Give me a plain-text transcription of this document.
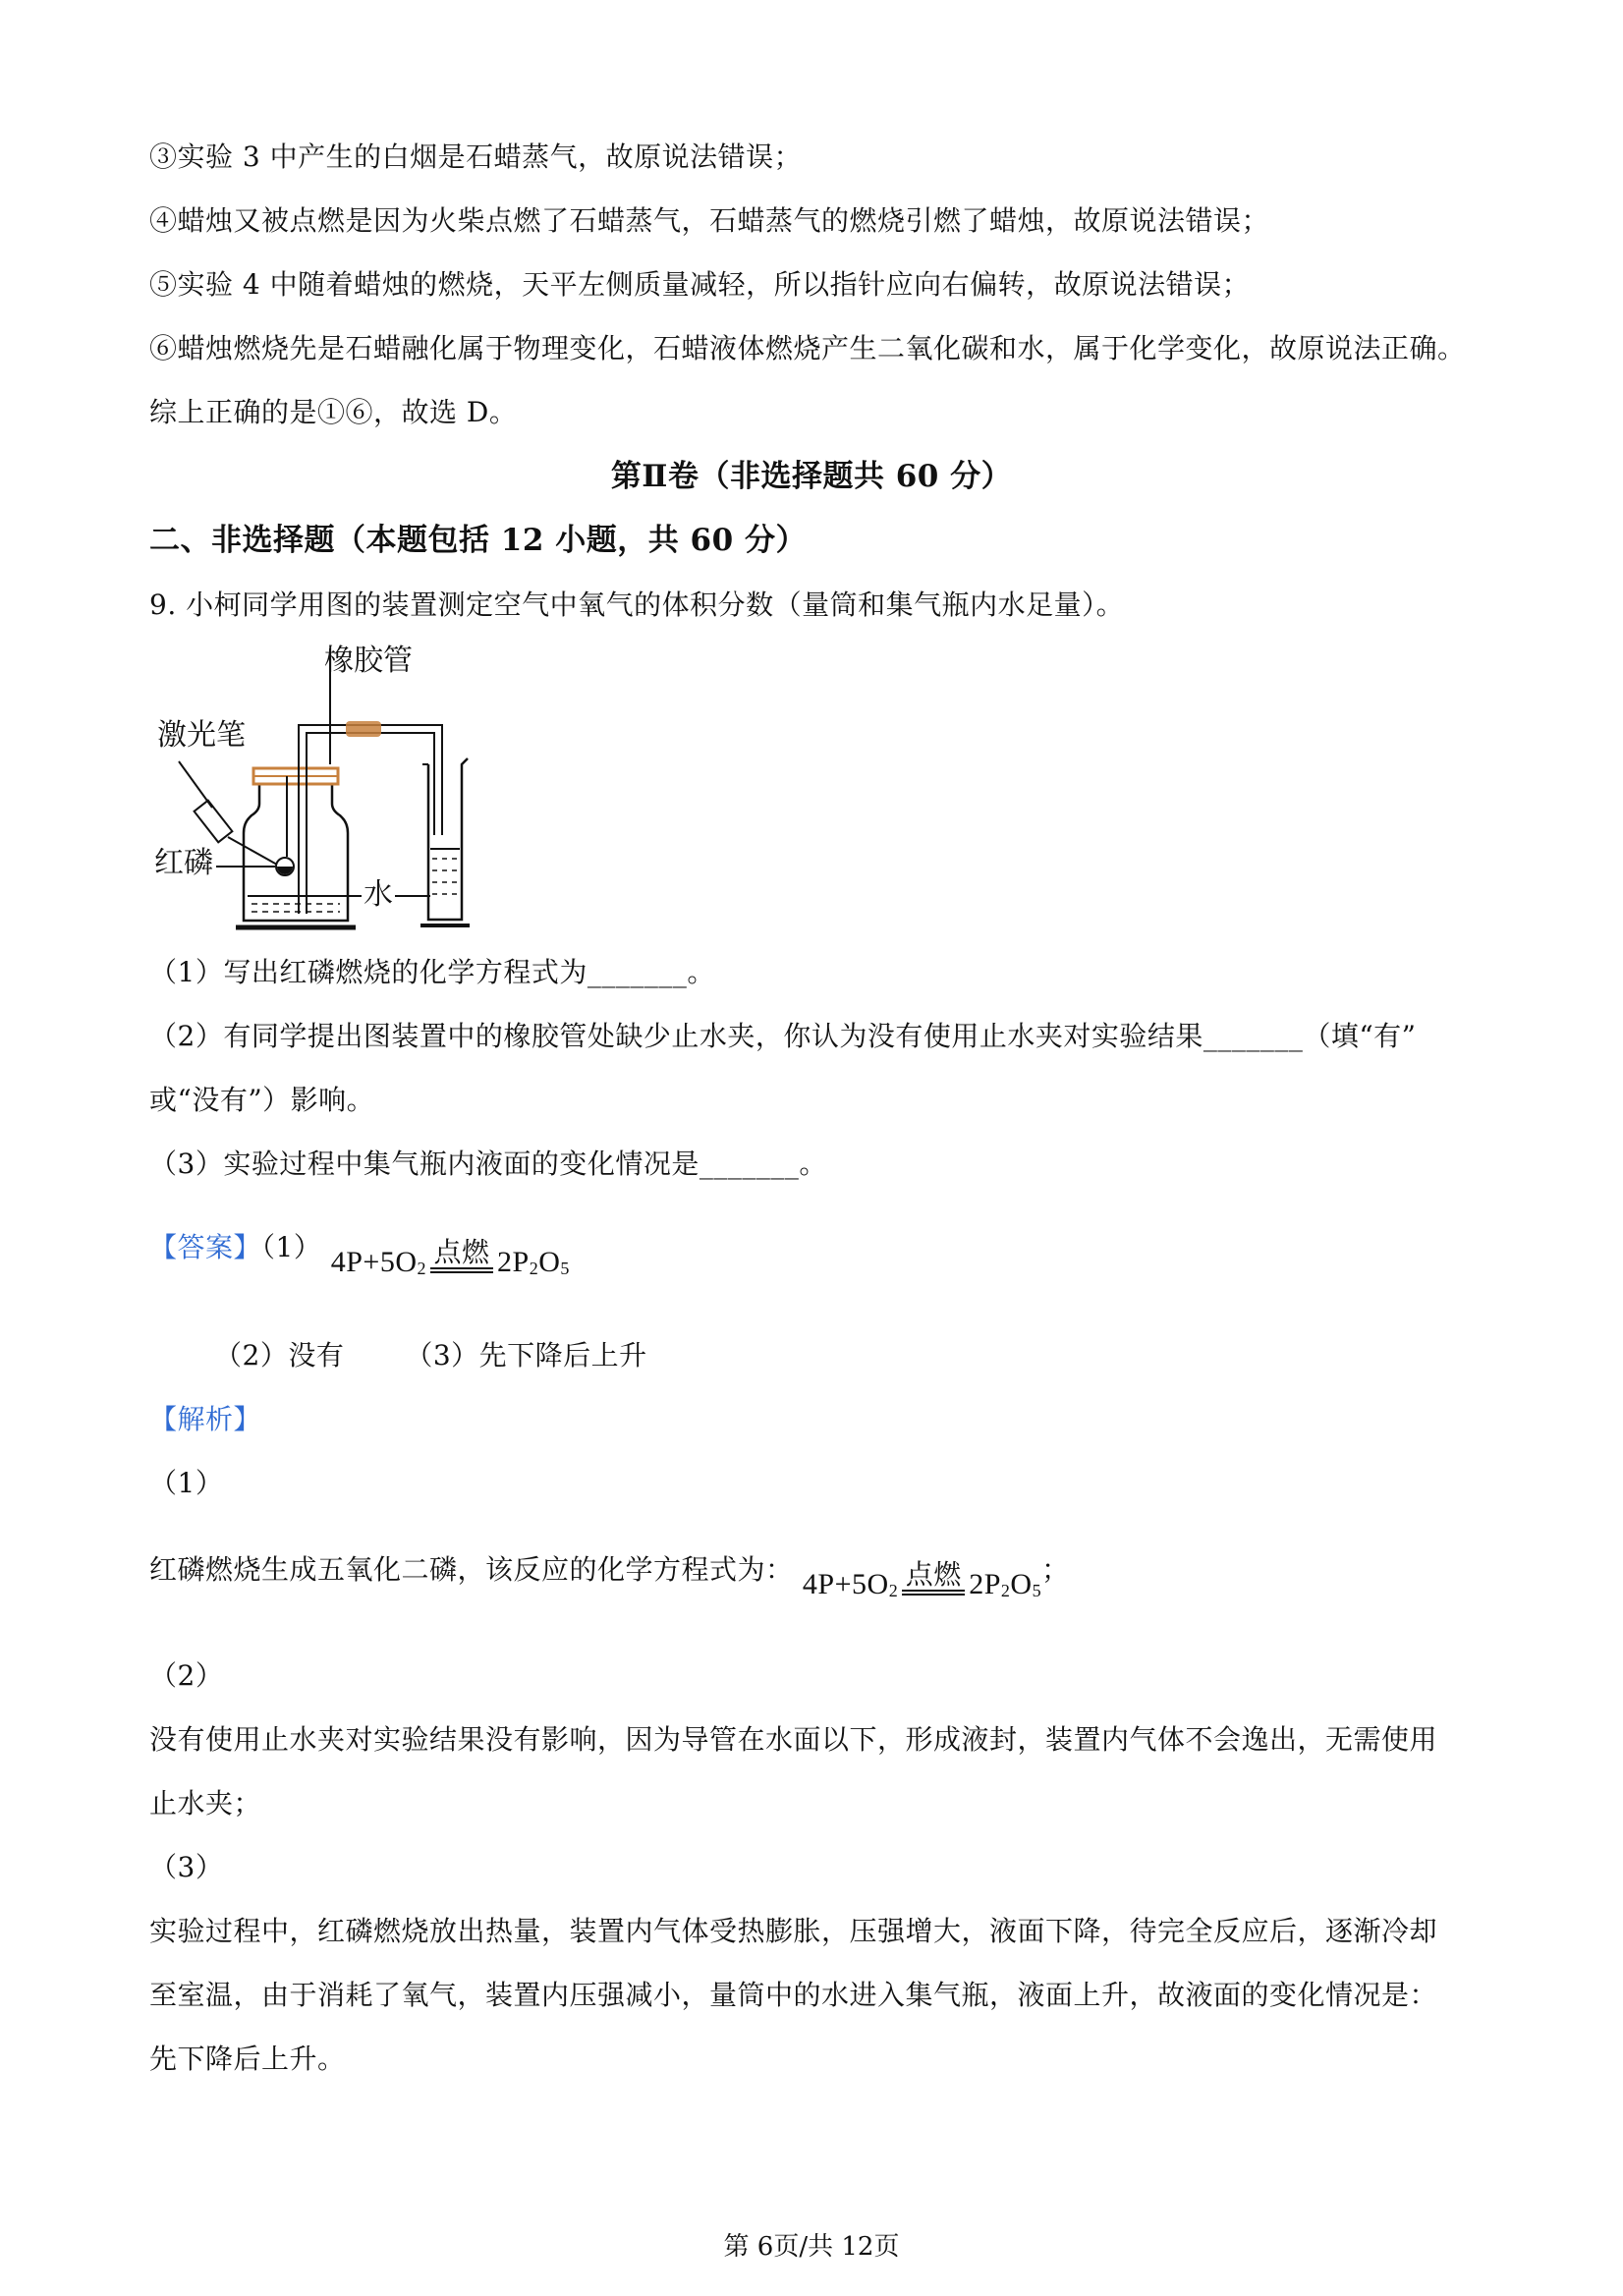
③实验 3 中产生的白烟是石蜡蒸气，故原说法错误；
④蜡烛又被点燃是因为火柴点燃了石蜡蒸气，石蜡蒸气的燃烧引燃了蜡烛，故原说法错误；
⑤实验 4 中随着蜡烛的燃烧，天平左侧质量减轻，所以指针应向右偏转，故原说法错误；
⑥蜡烛燃烧先是石蜡融化属于物理变化，石蜡液体燃烧产生二氧化碳和水，属于化学变化，故原说法正确。
综上正确的是①⑥，故选 D。
第Ⅱ卷（非选择题共 60 分）
二、非选择题（本题包括 12 小题，共 60 分）
9. 小柯同学用图的装置测定空气中氧气的体积分数（量筒和集气瓶内水足量）。
橡胶管
激光笔
红磷
水
（1）写出红磷燃烧的化学方程式为_______。
（2）有同学提出图装置中的橡胶管处缺少止水夹，你认为没有使用止水夹对实验结果_______（填“有”
或“没有”）影响。
（3）实验过程中集气瓶内液面的变化情况是_______。
【答案】（1） $4P+5O_2$ 点燃 $2P_2$ $O_5$
（2）没有 （3）先下降后上升
【解析】
（1）
红磷燃烧生成五氧化二磷，该反应的化学方程式为： $4P+5O_2$ 点燃 $2P_2$ $O_5$
；
（2）
没有使用止水夹对实验结果没有影响，因为导管在水面以下，形成液封，装置内气体不会逸出，无需使用
止水夹；
（3）
实验过程中，红磷燃烧放出热量，装置内气体受热膨胀，压强增大，液面下降，待完全反应后，逐渐冷却
至室温，由于消耗了氧气，装置内压强减小，量筒中的水进入集气瓶，液面上升，故液面的变化情况是：
先下降后上升。
第 6页/共 12页
